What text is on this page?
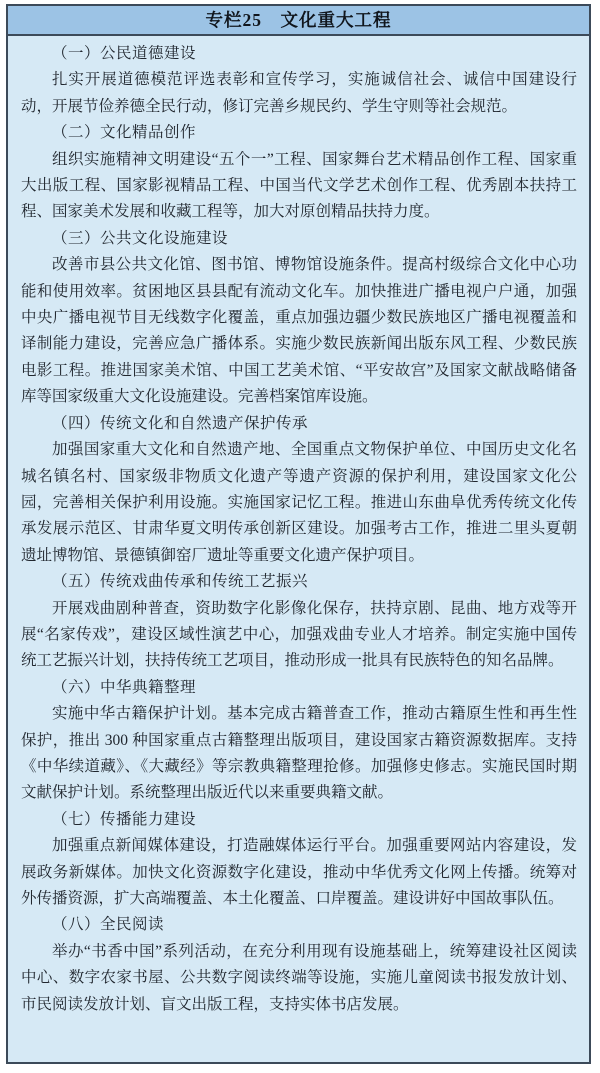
专栏25　文化重大工程
（一）公民道德建设

扎实开展道德模范评选表彰和宣传学习，实施诚信社会、诚信中国建设行动，开展节俭养德全民行动，修订完善乡规民约、学生守则等社会规范。

（二）文化精品创作

组织实施精神文明建设“五个一”工程、国家舞台艺术精品创作工程、国家重大出版工程、国家影视精品工程、中国当代文学艺术创作工程、优秀剧本扶持工程、国家美术发展和收藏工程等，加大对原创精品扶持力度。

（三）公共文化设施建设

改善市县公共文化馆、图书馆、博物馆设施条件。提高村级综合文化中心功能和使用效率。贫困地区县县配有流动文化车。加快推进广播电视户户通，加强中央广播电视节目无线数字化覆盖，重点加强边疆少数民族地区广播电视覆盖和译制能力建设，完善应急广播体系。实施少数民族新闻出版东风工程、少数民族电影工程。推进国家美术馆、中国工艺美术馆、“平安故宫”及国家文献战略储备库等国家级重大文化设施建设。完善档案馆库设施。

（四）传统文化和自然遗产保护传承

加强国家重大文化和自然遗产地、全国重点文物保护单位、中国历史文化名城名镇名村、国家级非物质文化遗产等遗产资源的保护利用，建设国家文化公园，完善相关保护利用设施。实施国家记忆工程。推进山东曲阜优秀传统文化传承发展示范区、甘肃华夏文明传承创新区建设。加强考古工作，推进二里头夏朝遗址博物馆、景德镇御窑厂遗址等重要文化遗产保护项目。

（五）传统戏曲传承和传统工艺振兴

开展戏曲剧种普查，资助数字化影像化保存，扶持京剧、昆曲、地方戏等开展“名家传戏”，建设区域性演艺中心，加强戏曲专业人才培养。制定实施中国传统工艺振兴计划，扶持传统工艺项目，推动形成一批具有民族特色的知名品牌。

（六）中华典籍整理

实施中华古籍保护计划。基本完成古籍普查工作，推动古籍原生性和再生性保护，推出 300 种国家重点古籍整理出版项目，建设国家古籍资源数据库。支持《中华续道藏》、《大藏经》等宗教典籍整理抢修。加强修史修志。实施民国时期文献保护计划。系统整理出版近代以来重要典籍文献。

（七）传播能力建设

加强重点新闻媒体建设，打造融媒体运行平台。加强重要网站内容建设，发展政务新媒体。加快文化资源数字化建设，推动中华优秀文化网上传播。统筹对外传播资源，扩大高端覆盖、本土化覆盖、口岸覆盖。建设讲好中国故事队伍。

（八）全民阅读

举办“书香中国”系列活动，在充分利用现有设施基础上，统筹建设社区阅读中心、数字农家书屋、公共数字阅读终端等设施，实施儿童阅读书报发放计划、市民阅读发放计划、盲文出版工程，支持实体书店发展。
